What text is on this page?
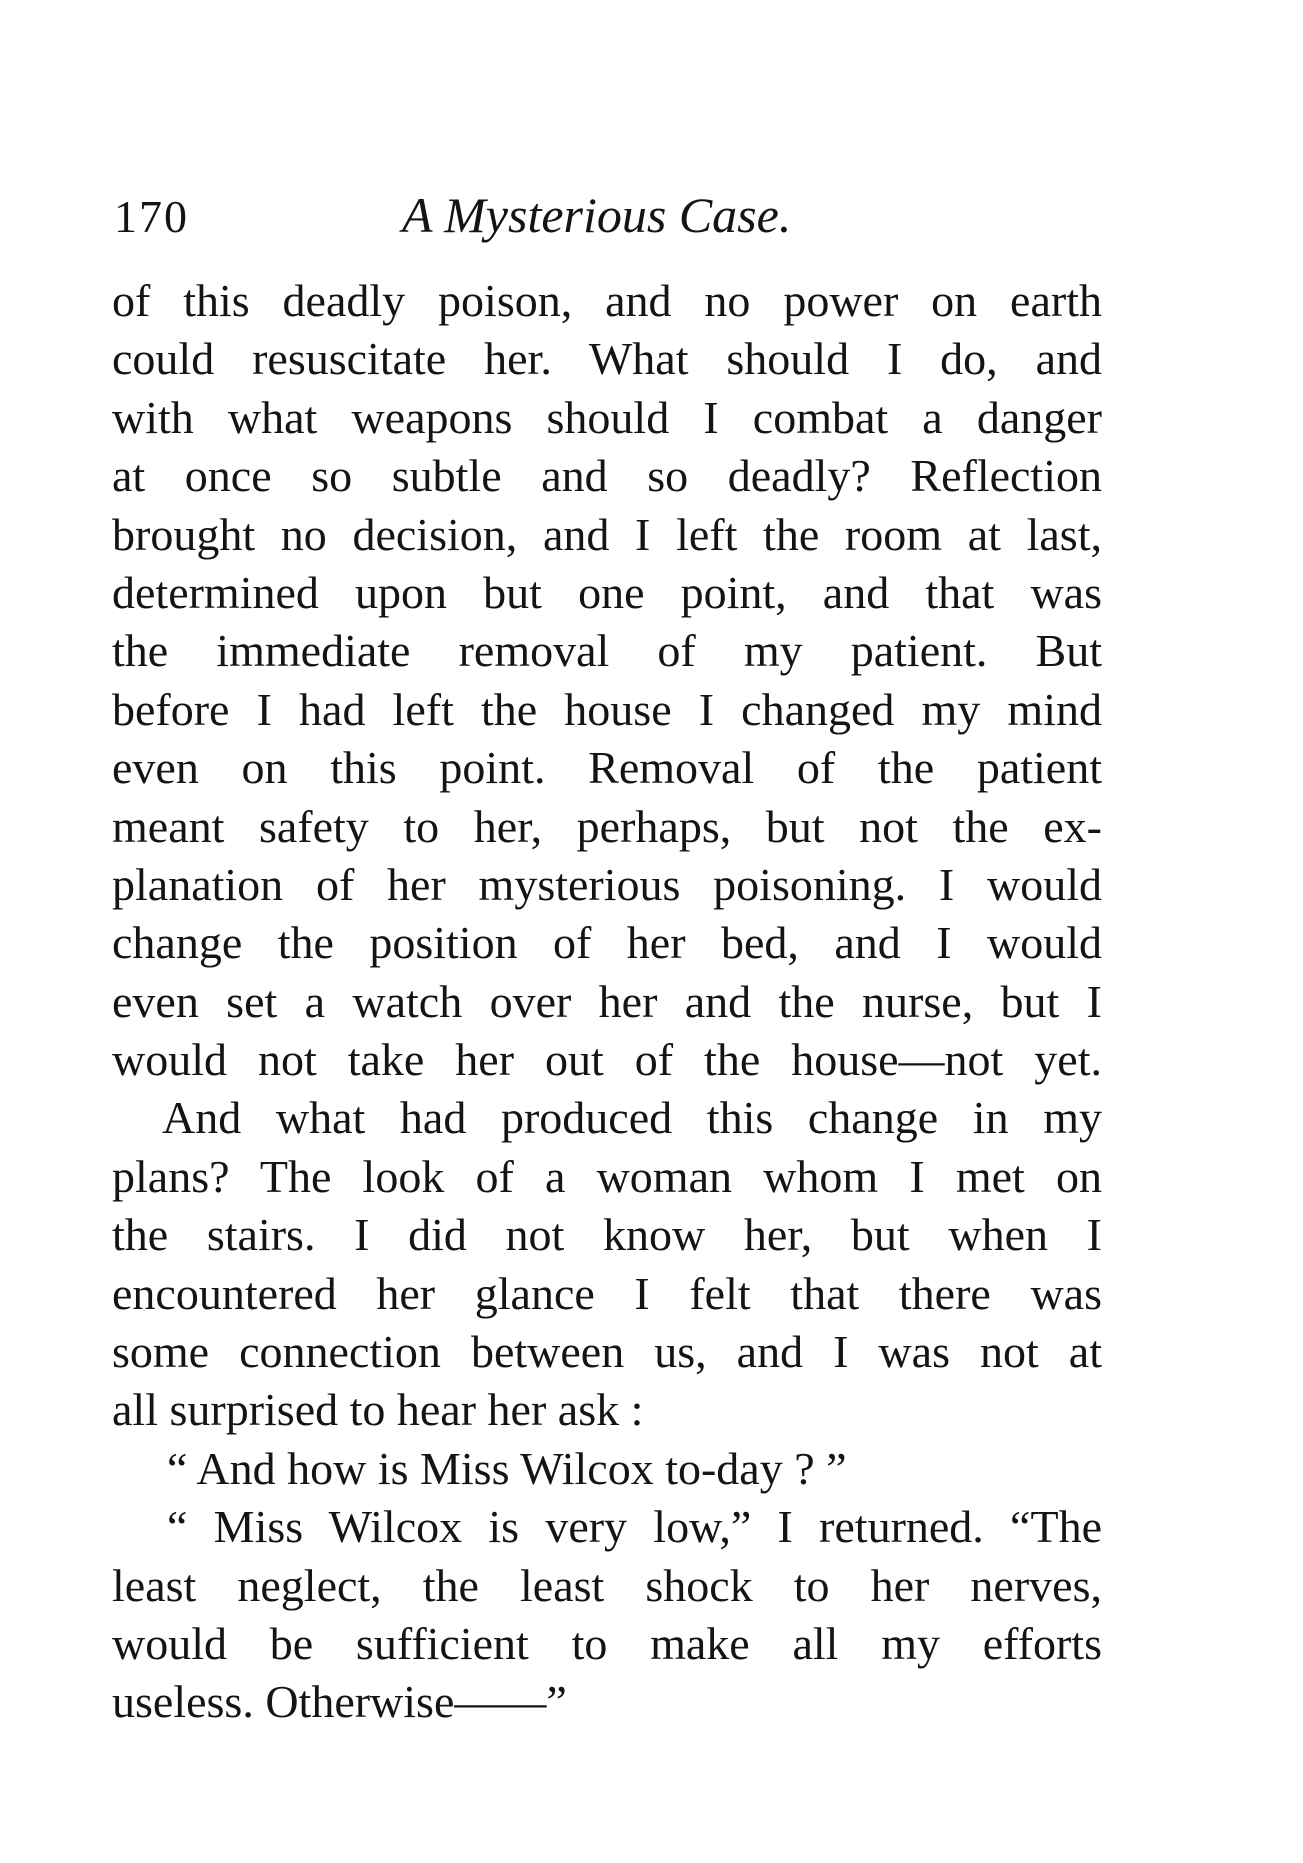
170	A Mysterious Case.
of this deadly poison, and no power on earth
could resuscitate her. What should I do, and
with what weapons should I combat a danger
at once so subtle and so deadly? Reflection
brought no decision, and I left the room at last,
determined upon but one point, and that was
the immediate removal of my patient. But
before I had left the house I changed my mind
even on this point. Removal of the patient
meant safety to her, perhaps, but not the ex-
planation of her mysterious poisoning. I would
change the position of her bed, and I would
even set a watch over her and the nurse, but I
would not take her out of the house—not yet.
And what had produced this change in my
plans? The look of a woman whom I met on
the stairs. I did not know her, but when I
encountered her glance I felt that there was
some connection between us, and I was not at
all surprised to hear her ask :
“ And how is Miss Wilcox to-day ? ”
“ Miss Wilcox is very low,” I returned. “The
least neglect, the least shock to her nerves,
would be sufficient to make all my efforts
useless. Otherwise——”
